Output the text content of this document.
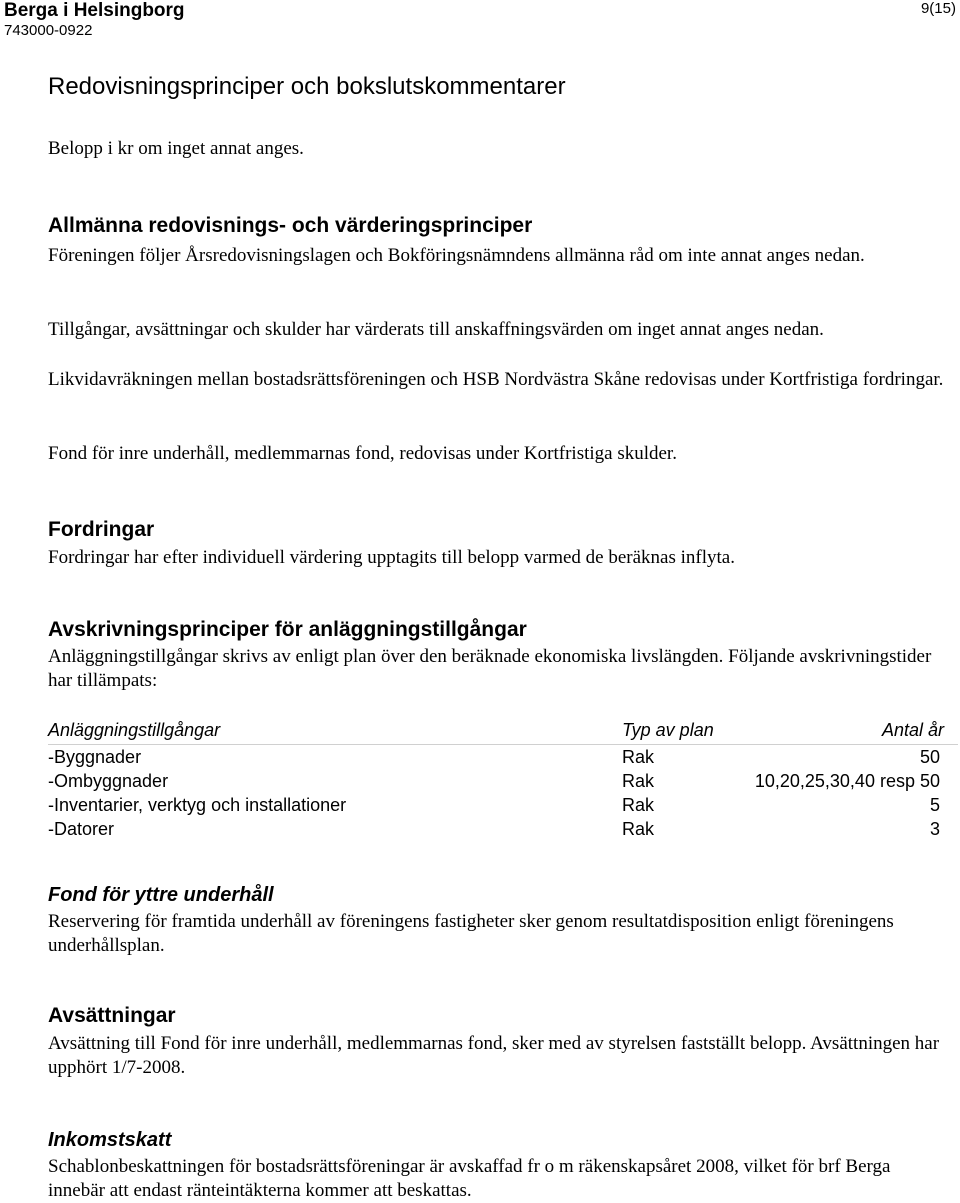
Berga i Helsingborg
743000-0922
9(15)
Redovisningsprinciper och bokslutskommentarer
Belopp i kr om inget annat anges.
Allmänna redovisnings- och värderingsprinciper
Föreningen följer Årsredovisningslagen och Bokföringsnämndens allmänna råd om inte annat anges nedan.
Tillgångar, avsättningar och skulder har värderats till anskaffningsvärden om inget annat anges nedan.
Likvidavräkningen mellan bostadsrättsföreningen och HSB Nordvästra Skåne redovisas under Kortfristiga fordringar.
Fond för inre underhåll, medlemmarnas fond, redovisas under Kortfristiga skulder.
Fordringar
Fordringar har efter individuell värdering upptagits till belopp varmed de beräknas inflyta.
Avskrivningsprinciper för anläggningstillgångar
Anläggningstillgångar skrivs av enligt plan över den beräknade ekonomiska livslängden. Följande avskrivningstider har tillämpats:
Fond för yttre underhåll
Reservering för framtida underhåll av föreningens fastigheter sker genom resultatdisposition enligt föreningens underhållsplan.
Avsättningar
Avsättning till Fond för inre underhåll, medlemmarnas fond, sker med av styrelsen fastställt belopp. Avsättningen har upphört 1/7-2008.
Inkomstskatt
Schablonbeskattningen för bostadsrättsföreningar är avskaffad fr o m räkenskapsåret 2008, vilket för brf Berga innebär att endast ränteintäkterna kommer att beskattas.
Anläggningstillgångar	Typ av plan	Antal år
-Byggnader	Rak	50
-Ombyggnader	Rak	10,20,25,30,40 resp 50
-Inventarier, verktyg och installationer	Rak	5
-Datorer	Rak	3
